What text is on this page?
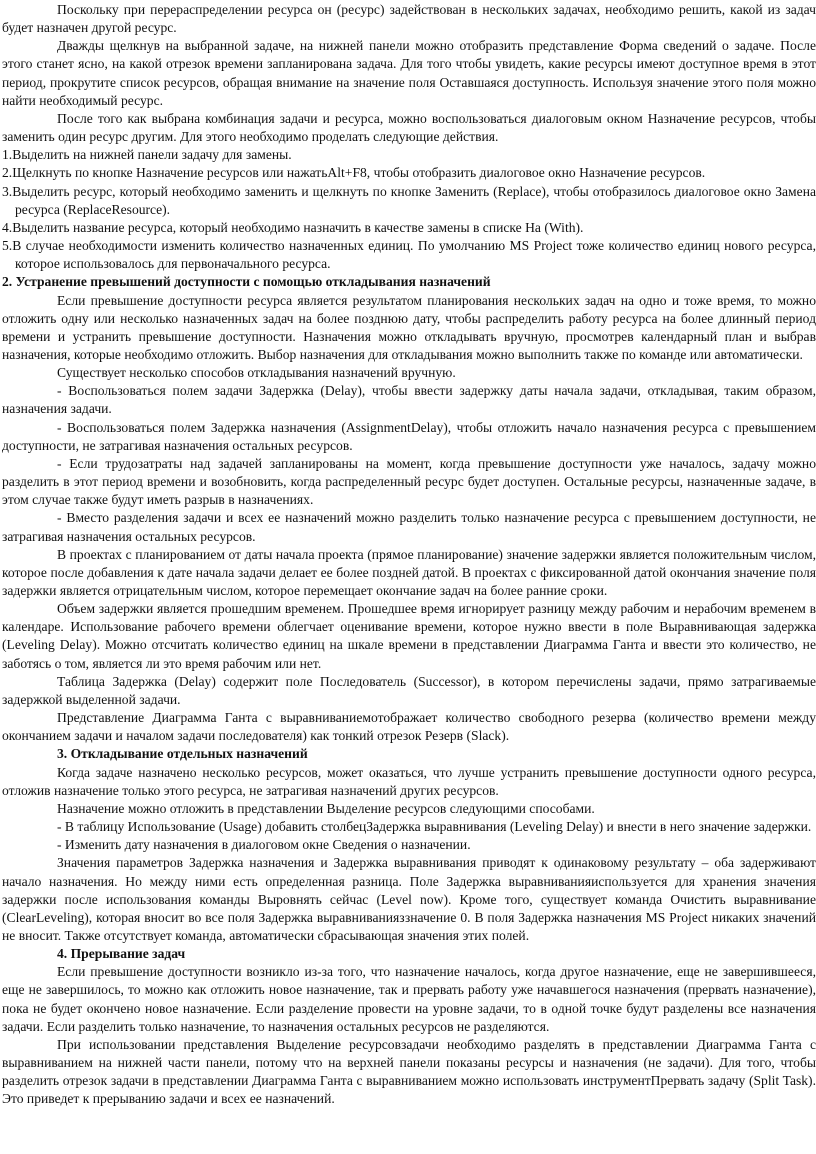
Поскольку при перераспределении ресурса он (ресурс) задействован в нескольких задачах, необходимо решить, какой из задач будет назначен другой ресурс.

Дважды щелкнув на выбранной задаче, на нижней панели можно отобразить представление Форма сведений о задаче. После этого станет ясно, на какой отрезок времени запланирована задача. Для того чтобы увидеть, какие ресурсы имеют доступное время в этот период, прокрутите список ресурсов, обращая внимание на значение поля Оставшаяся доступность. Используя значение этого поля можно найти необходимый ресурс.

После того как выбрана комбинация задачи и ресурса, можно воспользоваться диалоговым окном Назначение ресурсов, чтобы заменить один ресурс другим. Для этого необходимо проделать следующие действия.

1.Выделить на нижней панели задачу для замены.

2.Щелкнуть по кнопке Назначение ресурсов или нажатьAlt+F8, чтобы отобразить диалоговое окно Назначение ресурсов.

3.Выделить ресурс, который необходимо заменить и щелкнуть по кнопке Заменить (Replace), чтобы отобразилось диалоговое окно Замена ресурса (ReplaceResource).

4.Выделить название ресурса, который необходимо назначить в качестве замены в списке На (With).

5.В случае необходимости изменить количество назначенных единиц. По умолчанию MS Project тоже количество единиц нового ресурса, которое использовалось для первоначального ресурса.

2. Устранение превышений доступности с помощью откладывания назначений

Если превышение доступности ресурса является результатом планирования нескольких задач на одно и тоже время, то можно отложить одну или несколько назначенных задач на более позднюю дату, чтобы распределить работу ресурса на более длинный период времени и устранить превышение доступности. Назначения можно откладывать вручную, просмотрев календарный план и выбрав назначения, которые необходимо отложить. Выбор назначения для откладывания можно выполнить также по команде или автоматически.

Существует несколько способов откладывания назначений вручную.

- Воспользоваться полем задачи Задержка (Delay), чтобы ввести задержку даты начала задачи, откладывая, таким образом, назначения задачи.

- Воспользоваться полем Задержка назначения (AssignmentDelay), чтобы отложить начало назначения ресурса с превышением доступности, не затрагивая назначения остальных ресурсов.

- Если трудозатраты над задачей запланированы на момент, когда превышение доступности уже началось, задачу можно разделить в этот период времени и возобновить, когда распределенный ресурс будет доступен. Остальные ресурсы, назначенные задаче, в этом случае также будут иметь разрыв в назначениях.

- Вместо разделения задачи и всех ее назначений можно разделить только назначение ресурса с превышением доступности, не затрагивая назначения остальных ресурсов.

В проектах с планированием от даты начала проекта (прямое планирование) значение задержки является положительным числом, которое после добавления к дате начала задачи делает ее более поздней датой. В проектах с фиксированной датой окончания значение поля задержки является отрицательным числом, которое перемещает окончание задач на более ранние сроки.

Объем задержки является прошедшим временем. Прошедшее время игнорирует разницу между рабочим и нерабочим временем в календаре. Использование рабочего времени облегчает оценивание времени, которое нужно ввести в поле Выравнивающая задержка (Leveling Delay). Можно отсчитать количество единиц на шкале времени в представлении Диаграмма Ганта и ввести это количество, не заботясь о том, является ли это время рабочим или нет.

Таблица Задержка (Delay) содержит поле Последователь (Successor), в котором перечислены задачи, прямо затрагиваемые задержкой выделенной задачи.

Представление Диаграмма Ганта с выравниваниемотображает количество свободного резерва (количество времени между окончанием задачи и началом задачи последователя) как тонкий отрезок Резерв (Slack).

3. Откладывание отдельных назначений

Когда задаче назначено несколько ресурсов, может оказаться, что лучше устранить превышение доступности одного ресурса, отложив назначение только этого ресурса, не затрагивая назначений других ресурсов.

Назначение можно отложить в представлении Выделение ресурсов следующими способами.

- В таблицу Использование (Usage) добавить столбецЗадержка выравнивания (Leveling Delay) и внести в него значение задержки.

- Изменить дату назначения в диалоговом окне Сведения о назначении.

Значения параметров Задержка назначения и Задержка выравнивания приводят к одинаковому результату – оба задерживают начало назначения. Но между ними есть определенная разница. Поле Задержка выравниванияиспользуется для хранения значения задержки после использования команды Выровнять сейчас (Level now). Кроме того, существует команда Очистить выравнивание (ClearLeveling), которая вносит во все поля Задержка выравниванияззначение 0. В поля Задержка назначения MS Project никаких значений не вносит. Также отсутствует команда, автоматически сбрасывающая значения этих полей.

4. Прерывание задач

Если превышение доступности возникло из-за того, что назначение началось, когда другое назначение, еще не завершившееся, еще не завершилось, то можно как отложить новое назначение, так и прервать работу уже начавшегося назначения (прервать назначение), пока не будет окончено новое назначение. Если разделение провести на уровне задачи, то в одной точке будут разделены все назначения задачи. Если разделить только назначение, то назначения остальных ресурсов не разделяются.

При использовании представления Выделение ресурсовзадачи необходимо разделять в представлении Диаграмма Ганта с выравниванием на нижней части панели, потому что на верхней панели показаны ресурсы и назначения (не задачи). Для того, чтобы разделить отрезок задачи в представлении Диаграмма Ганта с выравниванием можно использовать инструментПрервать задачу (Split Task). Это приведет к прерыванию задачи и всех ее назначений.
